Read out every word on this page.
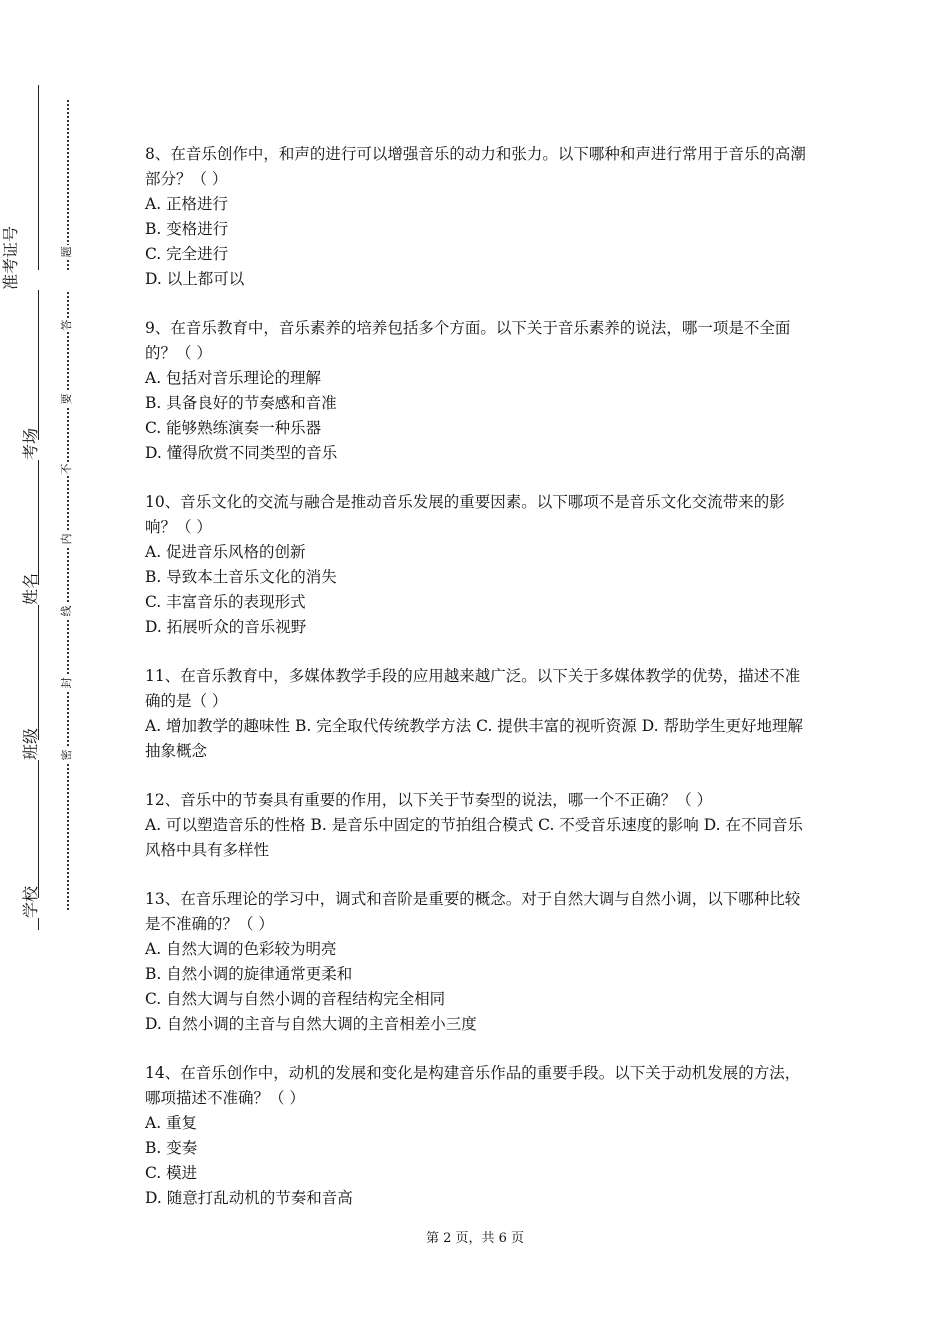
准考证号
考场
姓名
班级
学校
题
答
要
不
内
线
封
密

8、在音乐创作中，和声的进行可以增强音乐的动力和张力。以下哪种和声进行常用于音乐的高潮部分？（ ）

A. 正格进行

B. 变格进行

C. 完全进行

D. 以上都可以

9、在音乐教育中，音乐素养的培养包括多个方面。以下关于音乐素养的说法，哪一项是不全面的？（ ）

A. 包括对音乐理论的理解

B. 具备良好的节奏感和音准

C. 能够熟练演奏一种乐器

D. 懂得欣赏不同类型的音乐

10、音乐文化的交流与融合是推动音乐发展的重要因素。以下哪项不是音乐文化交流带来的影响？（ ）

A. 促进音乐风格的创新

B. 导致本土音乐文化的消失

C. 丰富音乐的表现形式

D. 拓展听众的音乐视野

11、在音乐教育中，多媒体教学手段的应用越来越广泛。以下关于多媒体教学的优势，描述不准确的是（ ）

A. 增加教学的趣味性 B. 完全取代传统教学方法 C. 提供丰富的视听资源 D. 帮助学生更好地理解抽象概念

12、音乐中的节奏具有重要的作用，以下关于节奏型的说法，哪一个不正确？（ ）

A. 可以塑造音乐的性格 B. 是音乐中固定的节拍组合模式 C. 不受音乐速度的影响 D. 在不同音乐风格中具有多样性

13、在音乐理论的学习中，调式和音阶是重要的概念。对于自然大调与自然小调，以下哪种比较是不准确的？（ ）

A. 自然大调的色彩较为明亮

B. 自然小调的旋律通常更柔和

C. 自然大调与自然小调的音程结构完全相同

D. 自然小调的主音与自然大调的主音相差小三度

14、在音乐创作中，动机的发展和变化是构建音乐作品的重要手段。以下关于动机发展的方法，哪项描述不准确？（ ）

A. 重复

B. 变奏

C. 模进

D. 随意打乱动机的节奏和音高

第 2 页，共 6 页
